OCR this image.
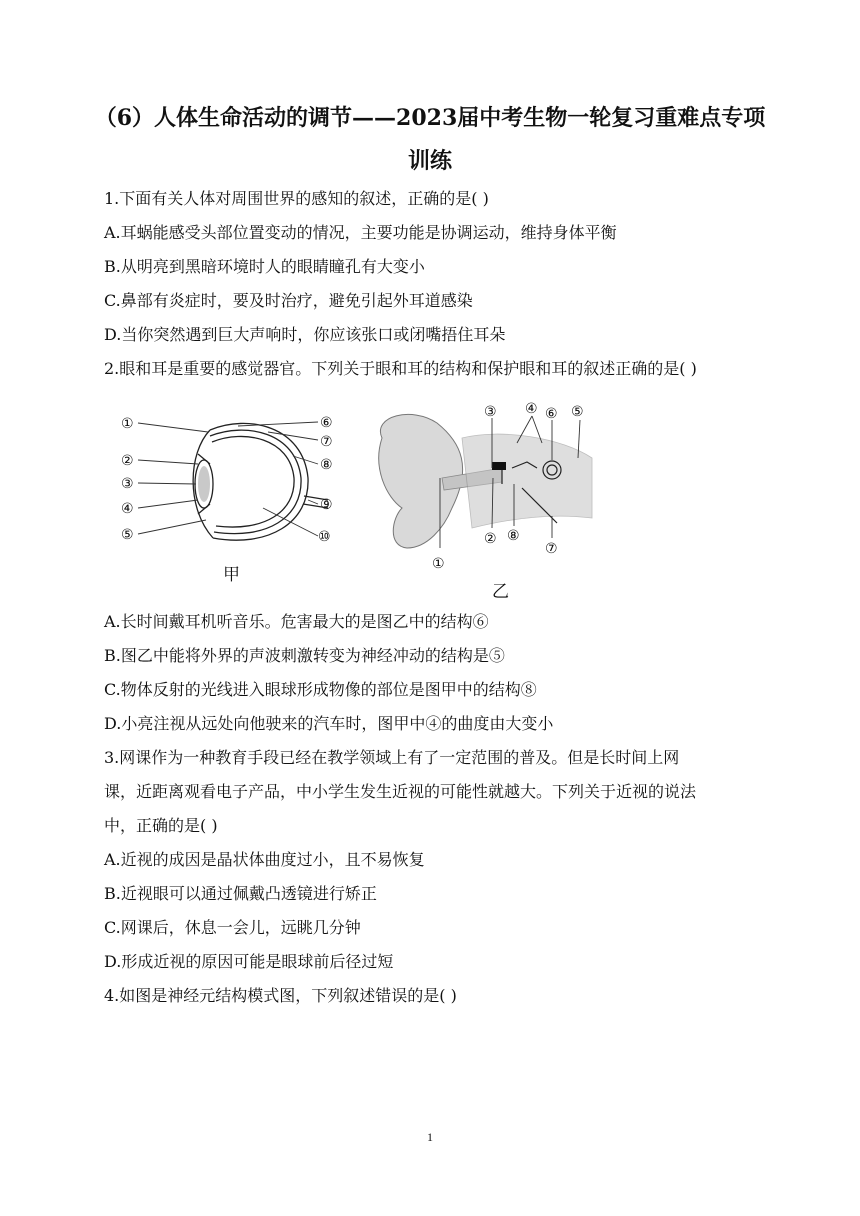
（6）人体生命活动的调节——2023届中考生物一轮复习重难点专项
训练
1.下面有关人体对周围世界的感知的叙述，正确的是( )
A.耳蜗能感受头部位置变动的情况，主要功能是协调运动，维持身体平衡
B.从明亮到黑暗环境时人的眼睛瞳孔有大变小
C.鼻部有炎症时，要及时治疗，避免引起外耳道感染
D.当你突然遇到巨大声响时，你应该张口或闭嘴捂住耳朵
2.眼和耳是重要的感觉器官。下列关于眼和耳的结构和保护眼和耳的叙述正确的是( )
①
②
③
④
⑤
⑥
⑦
⑧
⑨
⑩
甲
③ ④ ⑥ ⑤
② ⑧
⑦
①
乙
A.长时间戴耳机听音乐。危害最大的是图乙中的结构⑥
B.图乙中能将外界的声波刺激转变为神经冲动的结构是⑤
C.物体反射的光线进入眼球形成物像的部位是图甲中的结构⑧
D.小亮注视从远处向他驶来的汽车时，图甲中④的曲度由大变小
3.网课作为一种教育手段已经在教学领域上有了一定范围的普及。但是长时间上网
课，近距离观看电子产品，中小学生发生近视的可能性就越大。下列关于近视的说法
中，正确的是( )
A.近视的成因是晶状体曲度过小，且不易恢复
B.近视眼可以通过佩戴凸透镜进行矫正
C.网课后，休息一会儿，远眺几分钟
D.形成近视的原因可能是眼球前后径过短
4.如图是神经元结构模式图，下列叙述错误的是( )
1
